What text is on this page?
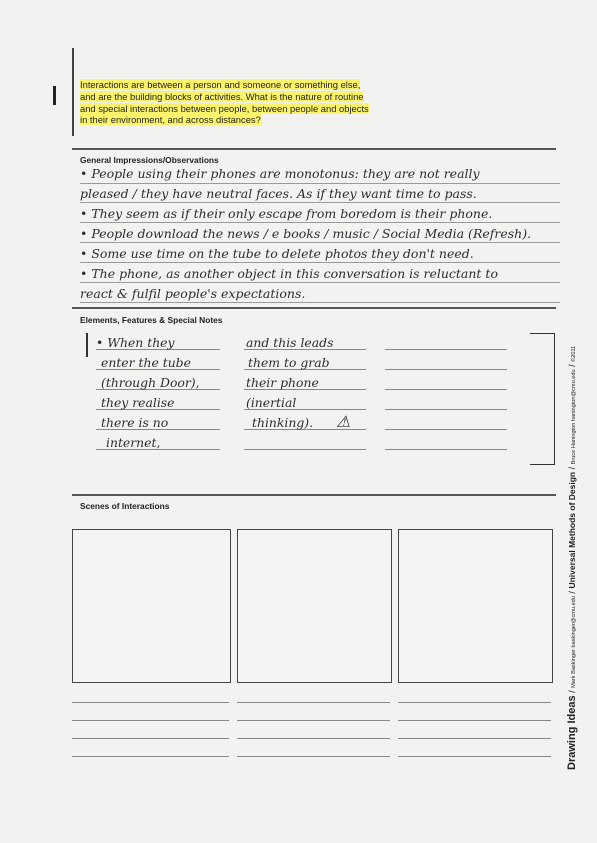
Interactions are between a person and someone or something else,
and are the building blocks of activities. What is the nature of routine
and special interactions between people, between people and objects
in their environment, and across distances?
General Impressions/Observations
• People using their phones are monotonus: they are not really
pleased / they have neutral faces. As if they want time to pass.
• They seem as if their only escape from boredom is their phone.
• People download the news / e books / music / Social Media (Refresh).
• Some use time on the tube to delete photos they don't need.
• The phone, as another object in this conversation is reluctant to
react & fulfil people's expectations.
Elements, Features & Special Notes
• When they
enter the tube
(through Door),
they realise
there is no
internet,
and this leads
them to grab
their phone
(inertial
thinking). ⚠
Scenes of Interactions
Drawing Ideas / Mark Baskinger baskinger@cmu.edu / Universal Methods of Design / Bruce Hanington hanington@cmu.edu / ©2011
